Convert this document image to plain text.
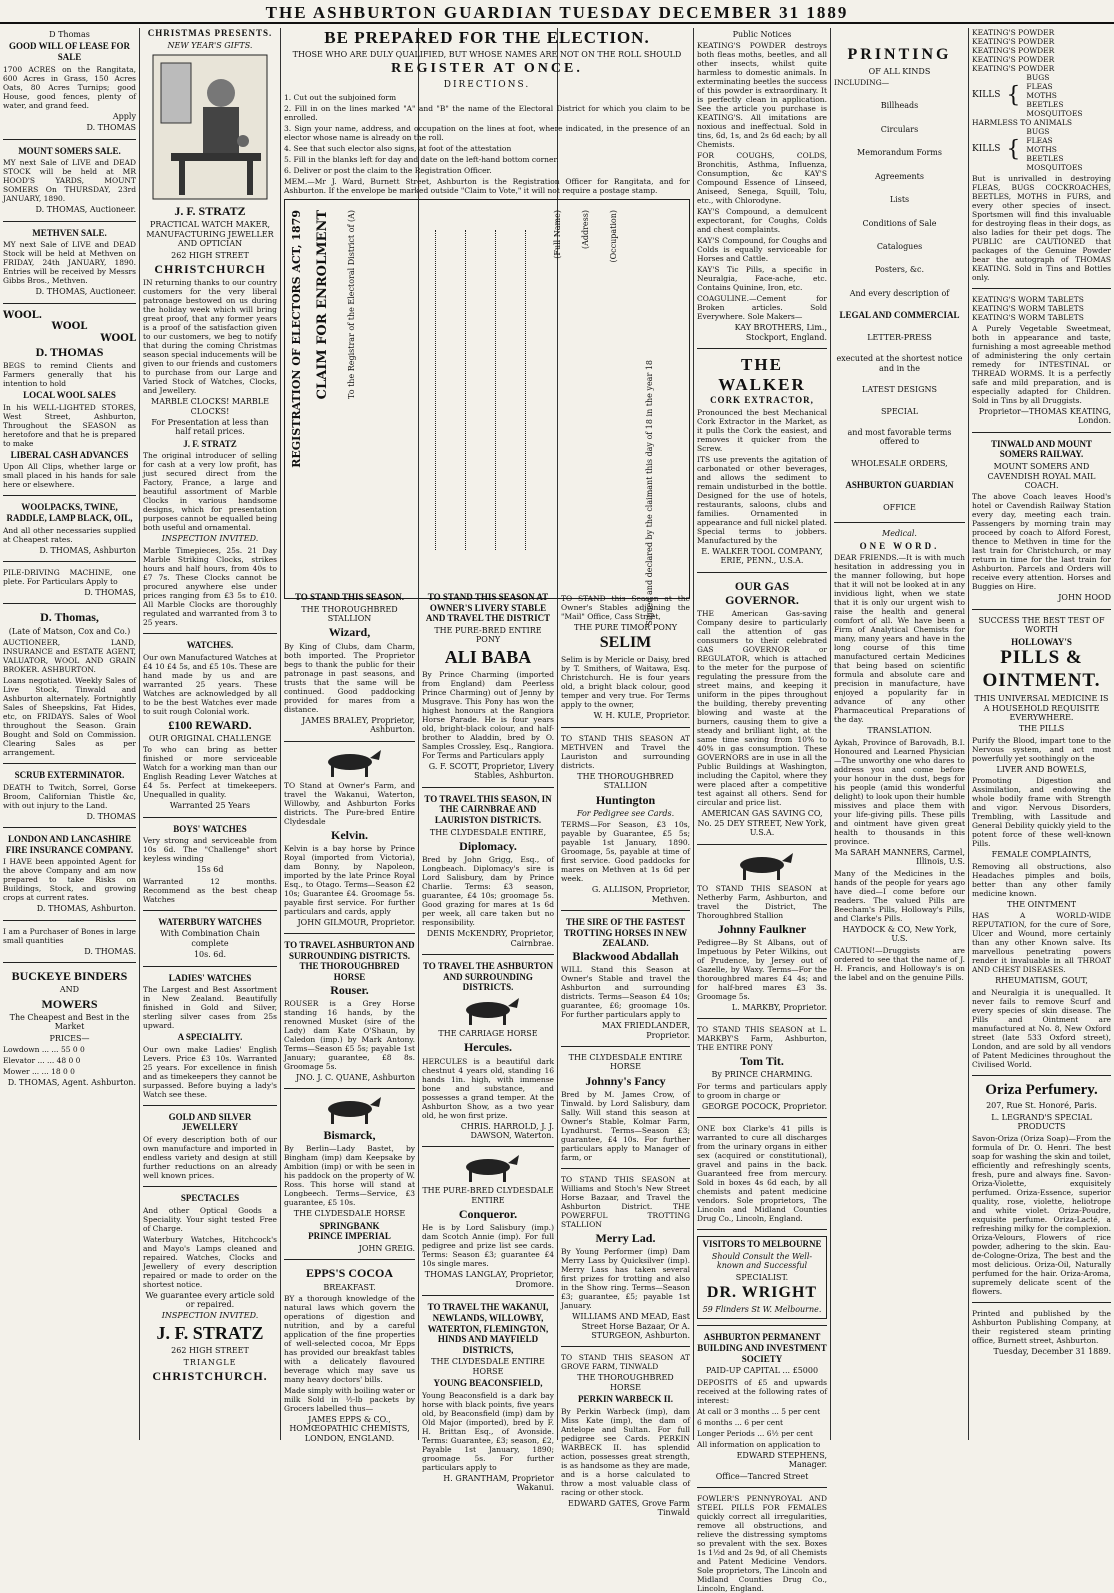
THE ASHBURTON GUARDIAN TUESDAY DECEMBER 31 1889
D Thomas
GOOD WILL OF LEASE FOR SALE
1700 ACRES on the Rangitata, 600 Acres in Grass, 150 Acres Oats, 80 Acres Turnips; good House, good fences, plenty of water, and grand feed.
Apply
D. THOMAS
MOUNT SOMERS SALE.
MY next Sale of LIVE and DEAD STOCK will be held at MR HOOD'S YARDS, MOUNT SOMERS On THURSDAY, 23rd JANUARY, 1890.
D. THOMAS, Auctioneer.
METHVEN SALE.
MY next Sale of LIVE and DEAD Stock will be held at Methven on FRIDAY, 24th JANUARY, 1890. Entries will be received by Messrs Gibbs Bros., Methven.
D. THOMAS, Auctioneer.
WOOL.
WOOL
WOOL
D. THOMAS
BEGS to remind Clients and Farmers generally that his intention to hold
LOCAL WOOL SALES
In his WELL-LIGHTED STORES, West Street, Ashburton, Throughout the SEASON as heretofore and that he is prepared to make
LIBERAL CASH ADVANCES
Upon All Clips, whether large or small placed in his hands for sale here or elsewhere.
WOOLPACKS, TWINE, RADDLE, LAMP BLACK, OIL,
And all other necessaries supplied at Cheapest rates.
D. THOMAS, Ashburton
PILE-DRIVING MACHINE, one plete. For Particulars Apply to
D. THOMAS,
D. Thomas,
(Late of Matson, Cox and Co.)
AUCTIONEER, LAND, INSURANCE and ESTATE AGENT, VALUATOR, WOOL AND GRAIN BROKER. ASHBURTON.
Loans negotiated. Weekly Sales of Live Stock, Tinwald and Ashburton alternately. Fortnightly Sales of Sheepskins, Fat Hides, etc, on FRIDAYS. Sales of Wool throughout the Season. Grain Bought and Sold on Commission. Clearing Sales as per arrangement.
SCRUB EXTERMINATOR.
DEATH to Twitch, Sorrel, Gorse Broom, Californian Thistle &c, with out injury to the Land.
D. THOMAS
LONDON AND LANCASHIRE FIRE INSURANCE COMPANY.
I HAVE been appointed Agent for the above Company and am now prepared to take Risks on Buildings, Stock, and growing crops at current rates.
D. THOMAS, Ashburton.
I am a Purchaser of Bones in large small quantities
D. THOMAS.
BUCKEYE BINDERS
AND
MOWERS
The Cheapest and Best in the Market
PRICES—
Lowdown ... ... 55 0 0
Elevator ... ... 48 0 0
Mower ... ... 18 0 0
D. THOMAS, Agent. Ashburton.
CHRISTMAS PRESENTS.
NEW YEAR'S GIFTS.
J. F. STRATZ
PRACTICAL WATCH MAKER, MANUFACTURING JEWELLER AND OPTICIAN
262 HIGH STREET
CHRISTCHURCH
IN returning thanks to our country customers for the very liberal patronage bestowed on us during the holiday week which will bring great proof, that any former years is a proof of the satisfaction given to our customers, we beg to notify that during the coming Christmas season special inducements will be given to our friends and customers to purchase from our Large and Varied Stock of Watches, Clocks, and Jewellery.
MARBLE CLOCKS! MARBLE CLOCKS!
For Presentation at less than half retail prices.
J. F. STRATZ
The original introducer of selling for cash at a very low profit, has just secured direct from the Factory, France, a large and beautiful assortment of Marble Clocks in various handsome designs, which for presentation purposes cannot be equalled being both useful and ornamental.
INSPECTION INVITED.
Marble Timepieces, 25s. 21 Day Marble Striking Clocks, strikes hours and half hours, from 40s to £7 7s. These Clocks cannot be procured anywhere else under prices ranging from £3 5s to £10. All Marble Clocks are thoroughly regulated and warranted from 3 to 25 years.
WATCHES.
Our own Manufactured Watches at £4 10 £4 5s, and £5 10s. These are hand made by us and are warranted 25 years. These Watches are acknowledged by all to be the best Watches ever made to suit rough Colonial work.
£100 REWARD.
OUR ORIGINAL CHALLENGE
To who can bring as better finished or more serviceable Watch for a working man than our English Reading Lever Watches at £4 5s. Perfect at timekeepers. Unequalled in quality.
Warranted 25 Years
BOYS' WATCHES
Very strong and serviceable from 10s 6d. The "Challenge" short keyless winding
15s 6d
Warranted 12 months. Recommend as the best cheap Watches
WATERBURY WATCHES
With Combination Chain complete
10s. 6d.
LADIES' WATCHES
The Largest and Best Assortment in New Zealand. Beautifully finished in Gold and Silver, sterling silver cases from 25s upward.
A SPECIALITY.
Our own make Ladies' English Levers. Price £3 10s. Warranted 25 years. For excellence in finish and as timekeepers they cannot be surpassed. Before buying a lady's Watch see these.
GOLD AND SILVER JEWELLERY
Of every description both of our own manufacture and imported in endless variety and design at still further reductions on an already well known prices.
SPECTACLES
And other Optical Goods a Speciality. Your sight tested Free of Charge.
Waterbury Watches, Hitchcock's and Mayo's Lamps cleaned and repaired. Watches, Clocks and Jewellery of every description repaired or made to order on the shortest notice.
We guarantee every article sold or repaired.
INSPECTION INVITED.
J. F. STRATZ
262 HIGH STREET
TRIANGLE
CHRISTCHURCH.
BE PREPARED FOR THE ELECTION.
THOSE WHO ARE DULY QUALIFIED, BUT WHOSE NAMES ARE NOT ON THE ROLL SHOULD
REGISTER AT ONCE.
DIRECTIONS.
1. Cut out the subjoined form
2. Fill in on the lines marked "A" and "B" the name of the Electoral District for which you claim to be enrolled.
3. Sign your name, address, and occupation on the lines at foot, where indicated, in the presence of an elector whose name is already on the roll.
4. See that such elector also signs, at foot of the attestation
5. Fill in the blanks left for day and date on the left-hand bottom corner.
6. Deliver or post the claim to the Registration Officer.
MEM.—Mr J. Ward, Burnett Street, Ashburton is the Registration Officer for Rangitata, and for Ashburton. If the envelope be marked outside "Claim to Vote," it will not require a postage stamp.
REGISTRATION OF ELECTORS ACT, 1879 CLAIM FOR ENROLMENT To the Registrar of the Electoral District of (A)	(Full Name) (Address) (Occupation)
Signed and declared by the claimant this day of 18 in the year 18
TO STAND THIS SEASON.
THE THOROUGHBRED STALLION
Wizard,
By King of Clubs, dam Charm, both imported. The Proprietor begs to thank the public for their patronage in past seasons, and trusts that the same will be continued. Good paddocking provided for mares from a distance.
JAMES BRALEY, Proprietor, Ashburton.
TO Stand at Owner's Farm, and travel the Wakanui, Waterton, Willowby, and Ashburton Forks districts. The Pure-bred Entire Clydesdale
Kelvin.
Kelvin is a bay horse by Prince Royal (imported from Victoria), dam Bonny, by Napoleon, imported by the late Prince Royal Esq., to Otago. Terms—Season £2 10s; Guarantee £4. Groomage 5s. payable first service. For further particulars and cards, apply
JOHN GILMOUR, Proprietor.
TO TRAVEL ASHBURTON AND SURROUNDING DISTRICTS. THE THOROUGHBRED HORSE
Rouser.
ROUSER is a Grey Horse standing 16 hands, by the renowned Musket (sire of the Lady) dam Kate O'Shaun, by Caledon (imp.) by Mark Antony. Terms—Season £5 5s; payable 1st January; guarantee, £8 8s. Groomage 5s.
JNO. J. C. QUANE, Ashburton
Bismarck,
By Berlin—Lady Bastet, by Bingham (imp) dam Keepsake by Ambition (imp) or with be seen in his paddock on the property of W. Ross. This horse will stand at Longbeech. Terms—Service, £3 guarantee, £5 10s.
THE CLYDESDALE HORSE
SPRINGBANK
PRINCE IMPERIAL
JOHN GREIG.
EPPS'S COCOA
BREAKFAST.
BY a thorough knowledge of the natural laws which govern the operations of digestion and nutrition, and by a careful application of the fine properties of well-selected cocoa, Mr Epps has provided our breakfast tables with a delicately flavoured beverage which may save us many heavy doctors' bills.
Made simply with boiling water or milk Sold in ½-lb packets by Grocers labelled thus—
JAMES EPPS & CO., HOMŒOPATHIC CHEMISTS, LONDON, ENGLAND.
TO STAND THIS SEASON AT OWNER'S LIVERY STABLE AND TRAVEL THE DISTRICT
THE PURE-BRED ENTIRE PONY
ALI BABA
By Prince Charming (imported from England) dam Peerless Prince Charming) out of Jenny by Musgrave. This Pony has won the highest honours at the Rangiora Horse Parade. He is four years old, bright-black colour, and half-brother to Aladdin, bred by O. Samples Crossley, Esq., Rangiora. For Terms and Particulars apply
G. F. SCOTT, Proprietor, Livery Stables, Ashburton.
TO TRAVEL THIS SEASON, IN THE CAIRNBRAE AND LAURISTON DISTRICTS.
THE CLYDESDALE ENTIRE,
Diplomacy.
Bred by John Grigg, Esq., of Longbeach. Diplomacy's sire is Lord Salisbury, dam by Prince Charlie. Terms: £3 season, guarantee, £4 10s; groomage 5s. Good grazing for mares at 1s 6d per week, all care taken but no responsibility.
DENIS McKENDRY, Proprietor, Cairnbrae.
TO TRAVEL THE ASHBURTON AND SURROUNDING DISTRICTS.
THE CARRIAGE HORSE
Hercules.
HERCULES is a beautiful dark chestnut 4 years old, standing 16 hands 1in. high, with immense bone and substance, and possesses a grand temper. At the Ashburton Show, as a two year old, he won first prize.
CHRIS. HARROLD, J. J. DAWSON, Waterton.
THE PURE-BRED CLYDESDALE ENTIRE
Conqueror.
He is by Lord Salisbury (imp.) dam Scotch Annie (imp). For full pedigree and prize list see cards. Terms: Season £3; guarantee £4 10s single mares.
THOMAS LANGLAY, Proprietor, Dromore.
TO TRAVEL THE WAKANUI, NEWLANDS, WILLOWBY, WATERTON, FLEMINGTON, HINDS AND MAYFIELD DISTRICTS,
THE CLYDESDALE ENTIRE HORSE
YOUNG BEACONSFIELD,
Young Beaconsfield is a dark bay horse with black points, five years old, by Beaconsfield (imp) dam by Old Major (imported), bred by F. H. Brittan Esq., of Avonside. Terms: Guarantee, £3; season, £2, Payable 1st January, 1890; groomage 5s. For further particulars apply to
H. GRANTHAM, Proprietor Wakanui.
TO STAND this Season at the Owner's Stables adjoining the "Mail" Office, Cass Street,
THE PURE TIMOR PONY
SELIM
Selim is by Mericle or Daisy, bred by T. Smithers, of Waitawa, Esq. Christchurch. He is four years old, a bright black colour, good temper and very true. For Terms apply to the owner,
W. H. KULE, Proprietor.
TO STAND THIS SEASON AT METHVEN and Travel the Lauriston and surrounding districts.
THE THOROUGHBRED STALLION
Huntington
For Pedigree see Cards.
TERMS—For Season, £3 10s, payable by Guarantee, £5 5s; payable 1st January, 1890. Groomage, 5s, payable at time of first service. Good paddocks for mares on Methven at 1s 6d per week.
G. ALLISON, Proprietor, Methven.
THE SIRE OF THE FASTEST TROTTING HORSES IN NEW ZEALAND.
Blackwood Abdallah
WILL Stand this Season at Owner's Stable and travel the Ashburton and surrounding districts. Terms—Season £4 10s; guarantee, £6; groomage 10s. For further particulars apply to
MAX FRIEDLANDER, Proprietor.
THE CLYDESDALE ENTIRE HORSE
Johnny's Fancy
Bred by M. James Crow, of Tinwald. by Lord Salisbury, dam Sally. Will stand this season at Owner's Stable, Kolmar Farm, Lyndhurst. Terms—Season £3; guarantee, £4 10s. For further particulars apply to Manager of farm, or
TO STAND THIS SEASON at Williams and Stoch's New Street Horse Bazaar, and Travel the Ashburton District. THE POWERFUL TROTTING STALLION
Merry Lad.
By Young Performer (imp) Dam Merry Lass by Quicksilver (imp). Merry Lass has taken several first prizes for trotting and also in the Show ring. Terms—Season £3; guarantee, £5; payable 1st January.
WILLIAMS AND MEAD, East Street Horse Bazaar, Or A. STURGEON, Ashburton.
TO STAND THIS SEASON AT GROVE FARM, TINWALD
THE THOROUGHBRED HORSE
PERKIN WARBECK II.
By Perkin Warbeck (imp), dam Miss Kate (imp), the dam of Antelope and Sultan. For full pedigree see Cards. PERKIN WARBECK II. has splendid action, possesses great strength, is as handsome as they are made, and is a horse calculated to throw a most valuable class of racing or other stock.
EDWARD GATES, Grove Farm Tinwald
Public Notices
KEATING'S POWDER destroys both fleas moths, beetles, and all other insects, whilst quite harmless to domestic animals. In exterminating beetles the success of this powder is extraordinary. It is perfectly clean in application. See the article you purchase is KEATING'S. All imitations are noxious and ineffectual. Sold in tins, 6d, 1s, and 2s 6d each; by all Chemists.
FOR COUGHS, COLDS, Bronchitis, Asthma, Influenza, Consumption, &c KAY'S Compound Essence of Linseed, Aniseed, Senega, Squill, Tolu, etc., with Chlorodyne.
KAY'S Compound, a demulcent expectorant, for Coughs, Colds and chest complaints.
KAY'S Compound, for Coughs and Colds is equally serviceable for Horses and Cattle.
KAY'S Tic Pills, a specific in Neuralgia, Face-ache, etc. Contains Quinine, Iron, etc.
COAGULINE.—Cement for Broken articles. Sold Everywhere. Sole Makers—
KAY BROTHERS, Lim., Stockport, England.
THE WALKER
CORK EXTRACTOR,
Pronounced the best Mechanical Cork Extractor in the Market, as it pulls the Cork the easiest, and removes it quicker from the Screw.
ITS use prevents the agitation of carbonated or other beverages, and allows the sediment to remain undisturbed in the bottle. Designed for the use of hotels, restaurants, saloons, clubs and families. Ornamented in appearance and full nickel plated. Special terms to jobbers. Manufactured by the
E. WALKER TOOL COMPANY, ERIE, PENN., U.S.A.
OUR GAS GOVERNOR.
THE American Gas-saving Company desire to particularly call the attention of gas consumers to their celebrated GAS GOVERNOR or REGULATOR, which is attached to the meter for the purpose of regulating the pressure from the street mains, and keeping it uniform in the pipes throughout the building, thereby preventing blowing and waste at the burners, causing them to give a steady and brilliant light, at the same time saving from 10% to 40% in gas consumption. These GOVERNORS are in use in all the Public Buildings at Washington, including the Capitol, where they were placed after a competitive test against all others. Send for circular and price list.
AMERICAN GAS SAVING CO, No. 25 DEY STREET, New York, U.S.A.
TO STAND THIS SEASON at Netherby Farm, Ashburton, and travel the District, The Thoroughbred Stallion
Johnny Faulkner
Pedigree—By St Albans, out of Impetuous by Peter Wilkins, out of Prudence, by Jersey out of Gazelle, by Waxy. Terms—For the thoroughbred mares £4 4s; and for half-bred mares £3 3s. Groomage 5s.
L. MARKBY, Proprietor.
TO STAND THIS SEASON at L. MARKBY'S Farm, Ashburton, THE ENTIRE PONY
Tom Tit.
By PRINCE CHARMING.
For terms and particulars apply to groom in charge or
GEORGE POCOCK, Proprietor.
ONE box Clarke's 41 pills is warranted to cure all discharges from the urinary organs in either sex (acquired or constitutional), gravel and pains in the back. Guaranteed free from mercury. Sold in boxes 4s 6d each, by all chemists and patent medicine vendors. Sole proprietors, The Lincoln and Midland Counties Drug Co., Lincoln, England.
VISITORS TO MELBOURNE
Should Consult the Well-known and Successful
SPECIALIST.
DR. WRIGHT
59 Flinders St W. Melbourne.
ASHBURTON PERMANENT BUILDING AND INVESTMENT SOCIETY
PAID-UP CAPITAL ... £5000
DEPOSITS of £5 and upwards received at the following rates of interest:
At call or 3 months ... 5 per cent
6 months ... 6 per cent
Longer Periods ... 6½ per cent
All information on application to
EDWARD STEPHENS, Manager.
Office—Tancred Street
FOWLER'S PENNYROYAL AND STEEL PILLS FOR FEMALES quickly correct all irregularities, remove all obstructions, and relieve the distressing symptoms so prevalent with the sex. Boxes 1s 1½d and 2s 9d, of all Chemists and Patent Medicine Vendors. Sole proprietors, The Lincoln and Midland Counties Drug Co., Lincoln, England.
PRINTING
OF ALL KINDS
INCLUDING—
Billheads
Circulars
Memorandum Forms
Agreements
Lists
Conditions of Sale
Catalogues
Posters, &c.
And every description of
LEGAL AND COMMERCIAL
LETTER-PRESS
executed at the shortest notice and in the
LATEST DESIGNS
SPECIAL
and most favorable terms offered to
WHOLESALE ORDERS,
ASHBURTON GUARDIAN
OFFICE
Medical.
ONE WORD.
DEAR FRIENDS.—It is with much hesitation in addressing you in the manner following, but hope that it will not be looked at in any invidious light, when we state that it is only our urgent wish to raise the health and general comfort of all. We have been a Firm of Analytical Chemists for many, many years and have in the long course of this time manufactured certain Medicines that being based on scientific formula and absolute care and precision in manufacture, have enjoyed a popularity far in advance of any other Pharmaceutical Preparations of the day.
TRANSLATION.
Aykah, Province of Barovadh, B.I. Honoured and Learned Physician—The unworthy one who dares to address you and come before your honour in the dust, begs for his people (amid this wonderful delight) to look upon their humble missives and place them with your life-giving pills. These pills and ointment have given great health to thousands in this province.
Ma SARAH MANNERS, Carmel, Illinois, U.S.
Many of the Medicines in the hands of the people for years ago have died—I come before our readers. The valued Pills are Beecham's Pills, Holloway's Pills, and Clarke's Pills.
HAYDOCK & CO, New York, U.S.
CAUTION!—Druggists are ordered to see that the name of J. H. Francis, and Holloway's is on the label and on the genuine Pills.
KEATING'S POWDER
KEATING'S POWDER
KEATING'S POWDER
KEATING'S POWDER
KEATING'S POWDER
KILLS {
BUGS
FLEAS
MOTHS
BEETLES
MOSQUITOES
HARMLESS TO ANIMALS
KILLS {
BUGS
FLEAS
MOTHS
BEETLES
MOSQUITOES
But is unrivalled in destroying FLEAS, BUGS COCKROACHES, BEETLES, MOTHS in FURS, and every other species of insect. Sportsmen will find this invaluable for destroying fleas in their dogs, as also ladies for their pet dogs. The PUBLIC are CAUTIONED that packages of the Genuine Powder bear the autograph of THOMAS KEATING. Sold in Tins and Bottles only.
KEATING'S WORM TABLETS
KEATING'S WORM TABLETS
KEATING'S WORM TABLETS
A Purely Vegetable Sweetmeat, both in appearance and taste, furnishing a most agreeable method of administering the only certain remedy for INTESTINAL or THREAD WORMS. It is a perfectly safe and mild preparation, and is especially adapted for Children. Sold in Tins by all Druggists.
Proprietor—THOMAS KEATING, London.
TINWALD AND MOUNT SOMERS RAILWAY.
MOUNT SOMERS AND CAVENDISH ROYAL MAIL COACH.
The above Coach leaves Hood's hotel or Cavendish Railway Station every day, meeting each train. Passengers by morning train may proceed by coach to Alford Forest, thence to Methven in time for the last train for Christchurch, or may return in time for the last train for Ashburton. Parcels and Orders will receive every attention. Horses and Buggies on Hire.
JOHN HOOD
SUCCESS THE BEST TEST OF WORTH
HOLLOWAY'S
PILLS & OINTMENT.
THIS UNIVERSAL MEDICINE IS A HOUSEHOLD REQUISITE EVERYWHERE.
THE PILLS
Purify the Blood, impart tone to the Nervous system, and act most powerfully yet soothingly on the
LIVER AND BOWELS,
Promoting Digestion and Assimilation, and endowing the whole bodily frame with Strength and vigor. Nervous Disorders, Trembling, with Lassitude and General Debility quickly yield to the potent force of these well-known Pills.
FEMALE COMPLAINTS,
Removing all obstructions, also Headaches pimples and boils, better than any other family medicine known.
THE OINTMENT
HAS A WORLD-WIDE REPUTATION, for the cure of Sore, Ulcer and Wound, more certainly than any other Known salve. Its marvellous penetrating powers render it invaluable in all THROAT AND CHEST DISEASES.
RHEUMATISM, GOUT,
and Neuralgia it is unequalled. It never fails to remove Scurf and every species of skin disease. The Pills and Ointment are manufactured at No. 8, New Oxford street (late 533 Oxford street), London, and are sold by all vendors of Patent Medicines throughout the Civilised World.
Oriza Perfumery.
207, Rue St. Honoré, Paris.
L. LEGRAND'S SPECIAL PRODUCTS
Savon-Oriza (Oriza Soap)—From the formula of Dr. O. Henri. The best soap for washing the skin and toilet, efficiently and refreshingly scents, fresh, pure and always fine. Savon-Oriza-Violette, exquisitely perfumed. Oriza-Essence, superior quality, rose, violette, heliotrope and white violet. Oriza-Poudre, exquisite perfume. Oriza-Lacté, a refreshing milky for the complexion. Oriza-Velours, Flowers of rice powder, adhering to the skin. Eau-de-Cologne-Oriza, The best and the most delicious. Oriza-Oil, Naturally perfumed for the hair. Oriza-Aroma, supremely delicate scent of the flowers.
Printed and published by the Ashburton Publishing Company, at their registered steam printing office, Burnett street, Ashburton.
Tuesday, December 31 1889.
